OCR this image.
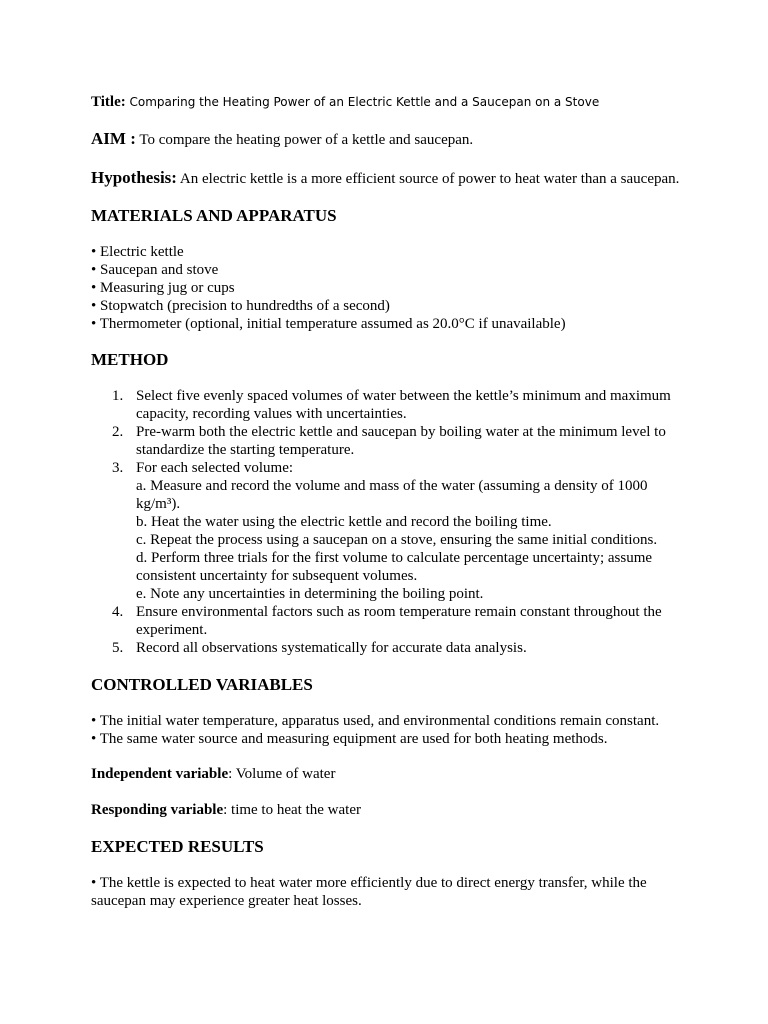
Title: Comparing the Heating Power of an Electric Kettle and a Saucepan on a Stove

AIM : To compare the heating power of a kettle and saucepan.

Hypothesis: An electric kettle is a more efficient source of power to heat water than a saucepan.

MATERIALS AND APPARATUS
• Electric kettle
• Saucepan and stove
• Measuring jug or cups
• Stopwatch (precision to hundredths of a second)
• Thermometer (optional, initial temperature assumed as 20.0°C if unavailable)
METHOD
1. Select five evenly spaced volumes of water between the kettle’s minimum and maximum capacity, recording values with uncertainties.
2. Pre-warm both the electric kettle and saucepan by boiling water at the minimum level to standardize the starting temperature.
3. For each selected volume:
a. Measure and record the volume and mass of the water (assuming a density of 1000 kg/m³).
b. Heat the water using the electric kettle and record the boiling time.
c. Repeat the process using a saucepan on a stove, ensuring the same initial conditions.
d. Perform three trials for the first volume to calculate percentage uncertainty; assume consistent uncertainty for subsequent volumes.
e. Note any uncertainties in determining the boiling point.
4. Ensure environmental factors such as room temperature remain constant throughout the experiment.
5. Record all observations systematically for accurate data analysis.
CONTROLLED VARIABLES
• The initial water temperature, apparatus used, and environmental conditions remain constant.
• The same water source and measuring equipment are used for both heating methods.

Independent variable: Volume of water

Responding variable: time to heat the water

EXPECTED RESULTS
• The kettle is expected to heat water more efficiently due to direct energy transfer, while the saucepan may experience greater heat losses.
